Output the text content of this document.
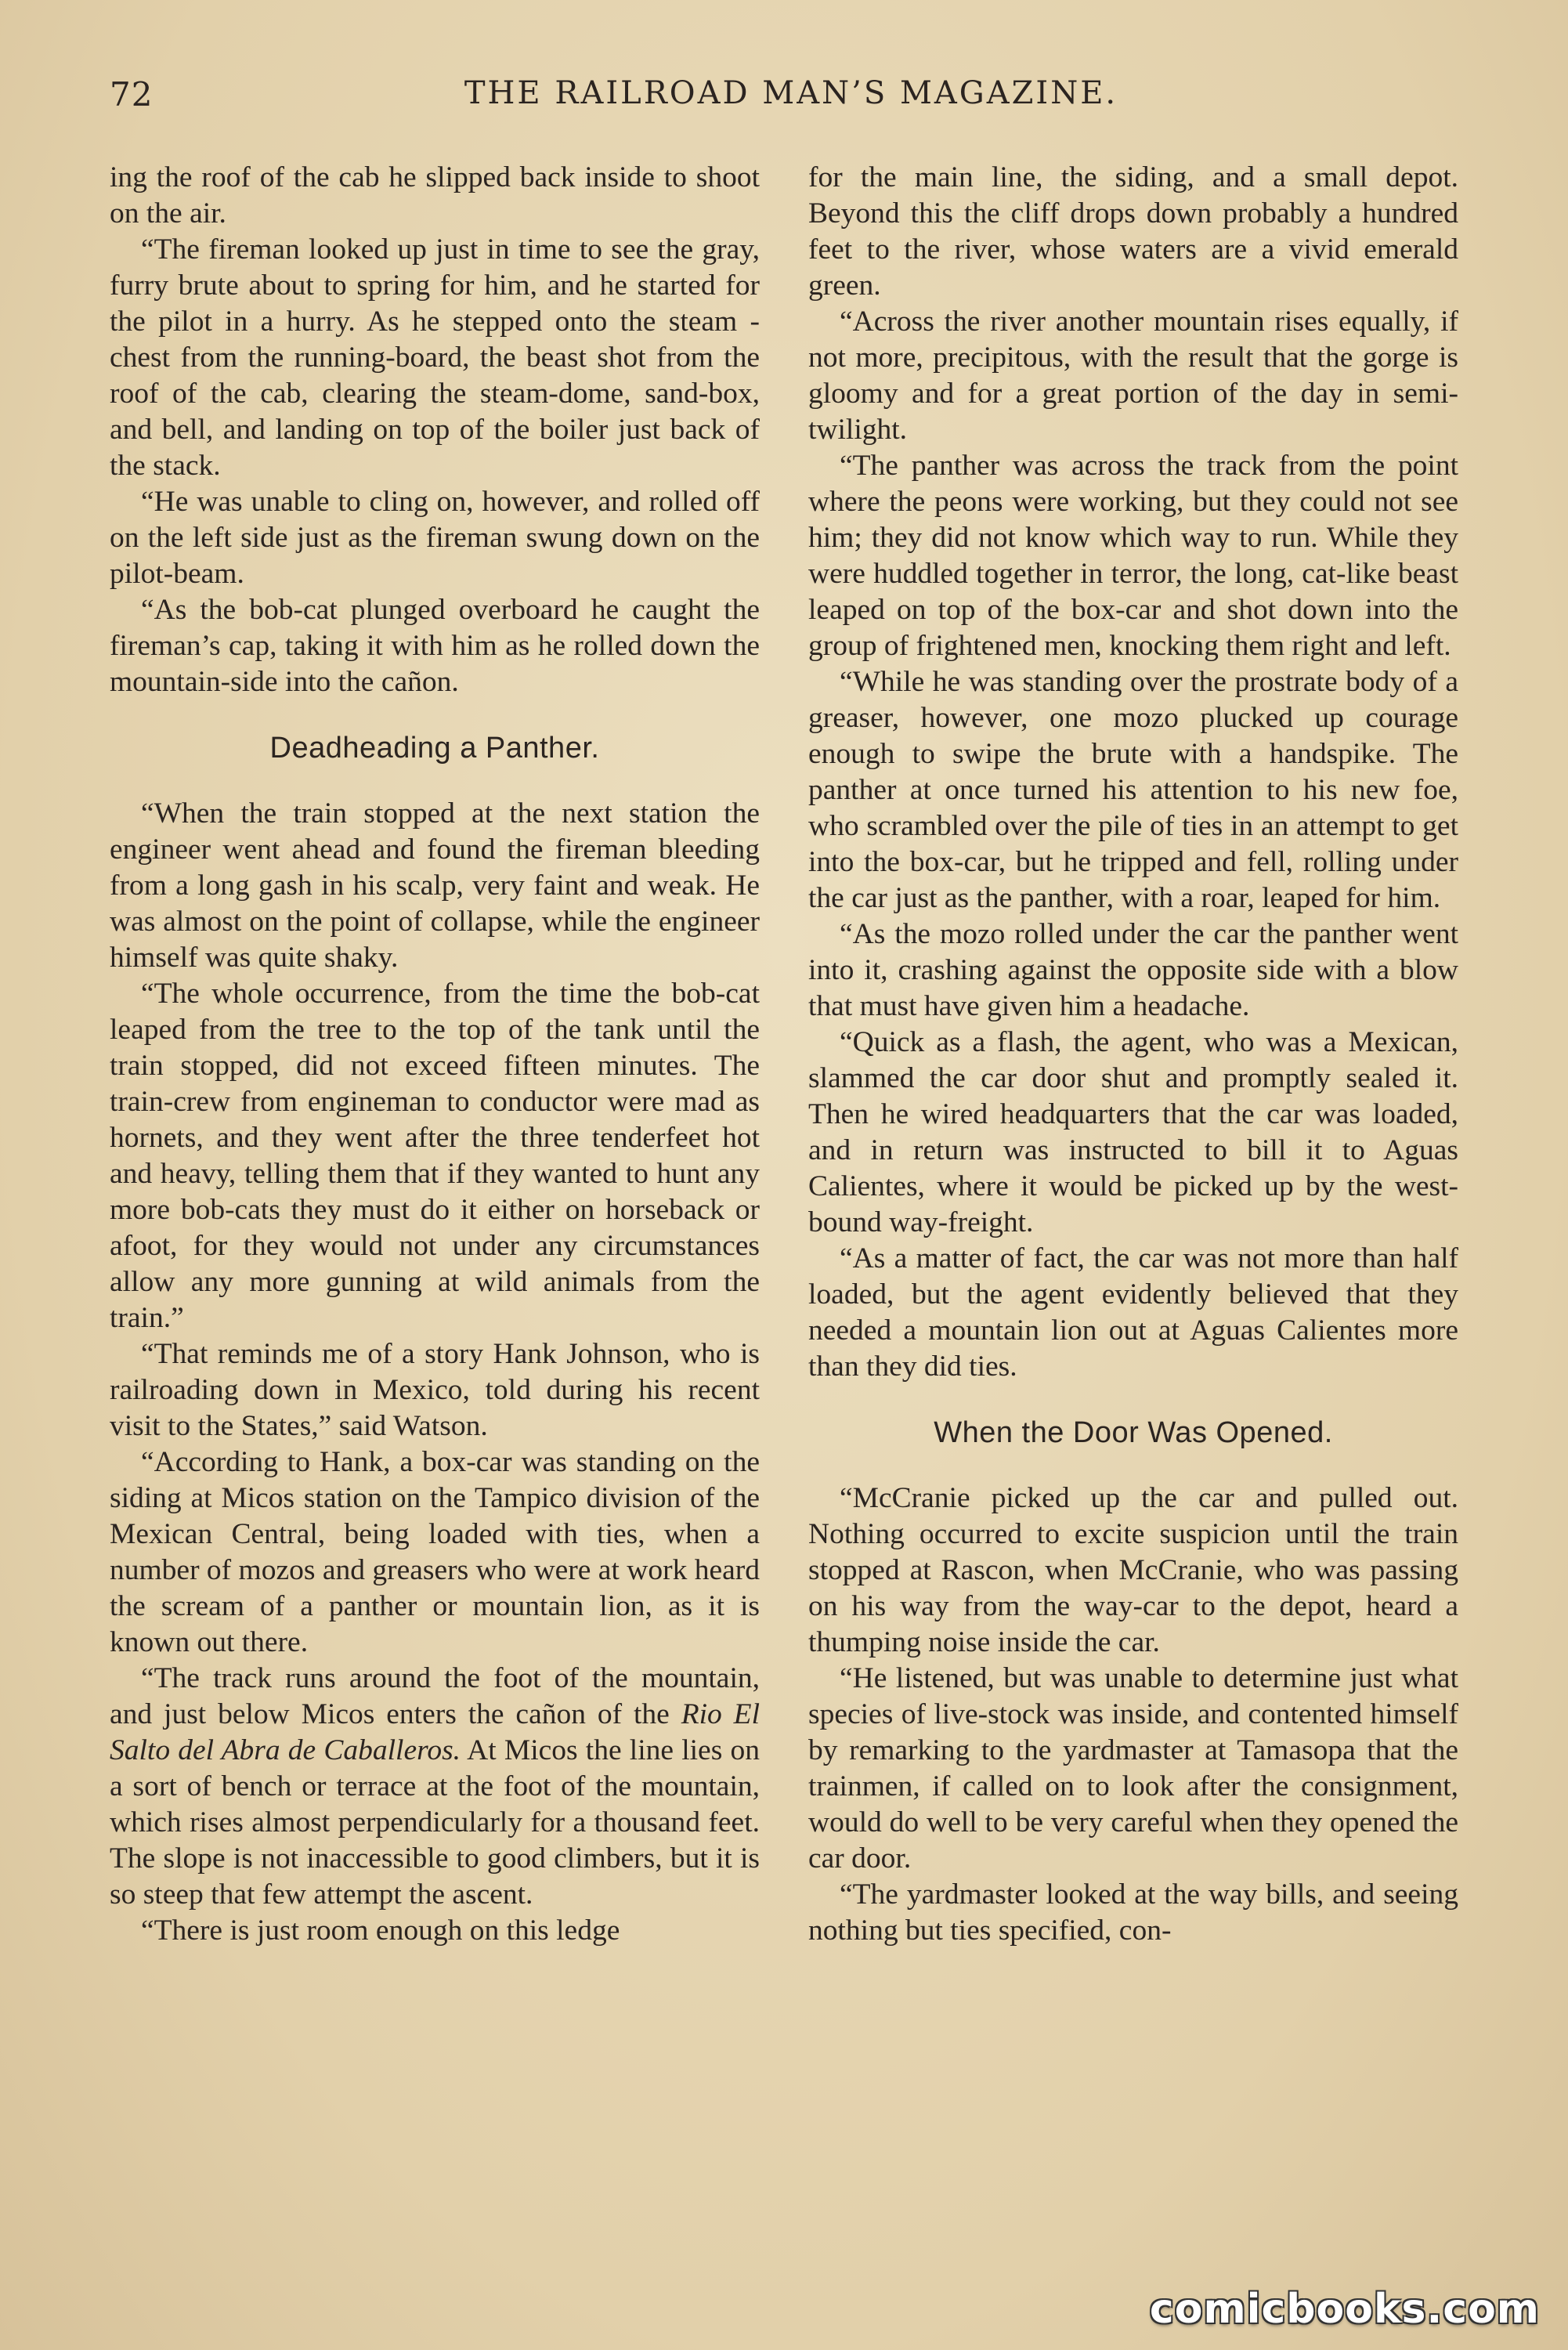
72	THE RAILROAD MAN’S MAGAZINE.

ing the roof of the cab he slipped back inside to shoot on the air.

“The fireman looked up just in time to see the gray, furry brute about to spring for him, and he started for the pilot in a hurry. As he stepped onto the steam - chest from the running-board, the beast shot from the roof of the cab, clearing the steam-dome, sand-box, and bell, and landing on top of the boiler just back of the stack.

“He was unable to cling on, however, and rolled off on the left side just as the fireman swung down on the pilot-beam.

“As the bob-cat plunged overboard he caught the fireman’s cap, taking it with him as he rolled down the mountain-side into the cañon.

Deadheading a Panther.

“When the train stopped at the next station the engineer went ahead and found the fireman bleeding from a long gash in his scalp, very faint and weak. He was almost on the point of collapse, while the engineer himself was quite shaky.

“The whole occurrence, from the time the bob-cat leaped from the tree to the top of the tank until the train stopped, did not exceed fifteen minutes. The train-crew from engineman to conductor were mad as hornets, and they went after the three tenderfeet hot and heavy, telling them that if they wanted to hunt any more bob-cats they must do it either on horseback or afoot, for they would not under any circumstances allow any more gunning at wild animals from the train.”

“That reminds me of a story Hank Johnson, who is railroading down in Mexico, told during his recent visit to the States,” said Watson.

“According to Hank, a box-car was standing on the siding at Micos station on the Tampico division of the Mexican Central, being loaded with ties, when a number of mozos and greasers who were at work heard the scream of a panther or mountain lion, as it is known out there.

“The track runs around the foot of the mountain, and just below Micos enters the cañon of the Rio El Salto del Abra de Caballeros. At Micos the line lies on a sort of bench or terrace at the foot of the mountain, which rises almost perpendicularly for a thousand feet. The slope is not inaccessible to good climbers, but it is so steep that few attempt the ascent.

“There is just room enough on this ledge

for the main line, the siding, and a small depot. Beyond this the cliff drops down probably a hundred feet to the river, whose waters are a vivid emerald green.

“Across the river another mountain rises equally, if not more, precipitous, with the result that the gorge is gloomy and for a great portion of the day in semi-twilight.

“The panther was across the track from the point where the peons were working, but they could not see him; they did not know which way to run. While they were huddled together in terror, the long, cat-like beast leaped on top of the box-car and shot down into the group of frightened men, knocking them right and left.

“While he was standing over the prostrate body of a greaser, however, one mozo plucked up courage enough to swipe the brute with a handspike. The panther at once turned his attention to his new foe, who scrambled over the pile of ties in an attempt to get into the box-car, but he tripped and fell, rolling under the car just as the panther, with a roar, leaped for him.

“As the mozo rolled under the car the panther went into it, crashing against the opposite side with a blow that must have given him a headache.

“Quick as a flash, the agent, who was a Mexican, slammed the car door shut and promptly sealed it. Then he wired headquarters that the car was loaded, and in return was instructed to bill it to Aguas Calientes, where it would be picked up by the west-bound way-freight.

“As a matter of fact, the car was not more than half loaded, but the agent evidently believed that they needed a mountain lion out at Aguas Calientes more than they did ties.

When the Door Was Opened.

“McCranie picked up the car and pulled out. Nothing occurred to excite suspicion until the train stopped at Rascon, when McCranie, who was passing on his way from the way-car to the depot, heard a thumping noise inside the car.

“He listened, but was unable to determine just what species of live-stock was inside, and contented himself by remarking to the yardmaster at Tamasopa that the trainmen, if called on to look after the consignment, would do well to be very careful when they opened the car door.

“The yardmaster looked at the way bills, and seeing nothing but ties specified, con-

comicbooks.com
